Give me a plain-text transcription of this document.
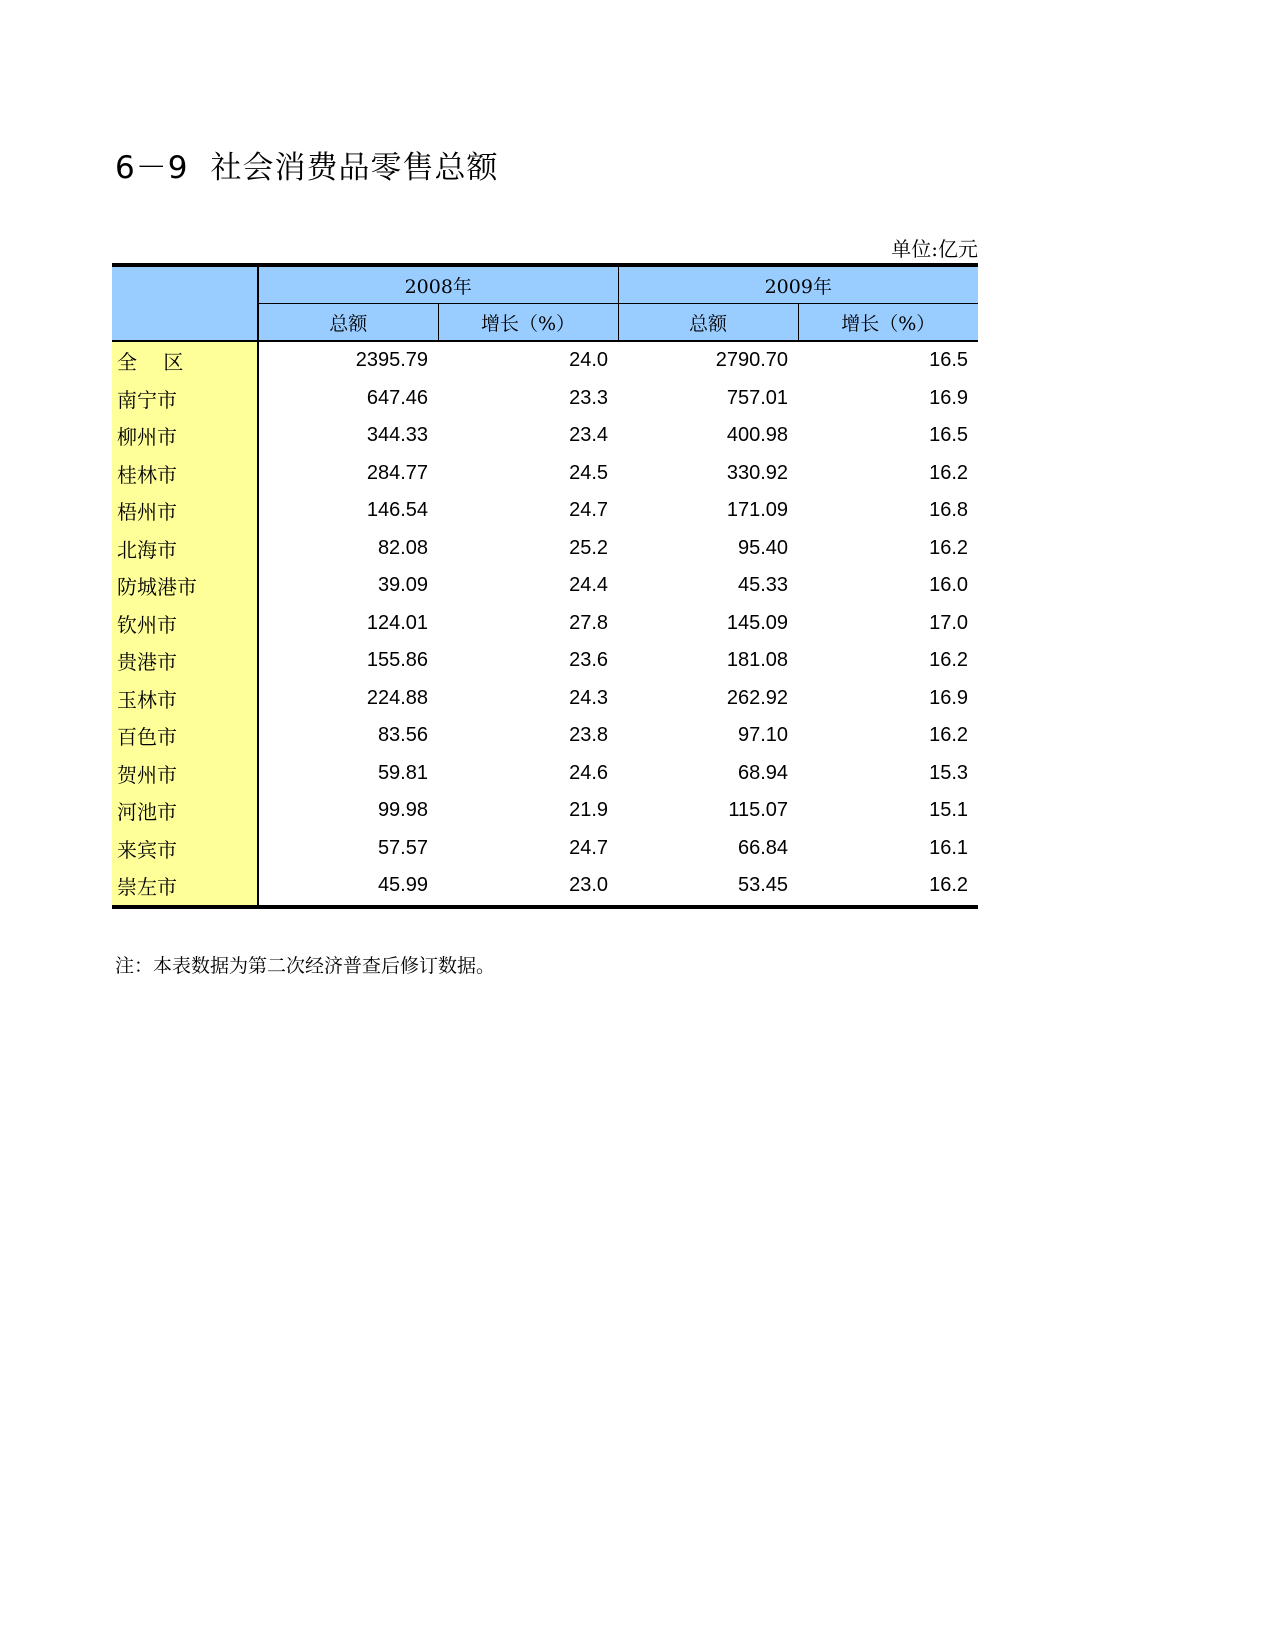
6－9 社会消费品零售总额
单位:亿元
	2008年		2009年	
	总额	增长（%）	总额	增长（%）
全　 区	2395.79	24.0	2790.70	16.5
南宁市	647.46	23.3	757.01	16.9
柳州市	344.33	23.4	400.98	16.5
桂林市	284.77	24.5	330.92	16.2
梧州市	146.54	24.7	171.09	16.8
北海市	82.08	25.2	95.40	16.2
防城港市	39.09	24.4	45.33	16.0
钦州市	124.01	27.8	145.09	17.0
贵港市	155.86	23.6	181.08	16.2
玉林市	224.88	24.3	262.92	16.9
百色市	83.56	23.8	97.10	16.2
贺州市	59.81	24.6	68.94	15.3
河池市	99.98	21.9	115.07	15.1
来宾市	57.57	24.7	66.84	16.1
崇左市	45.99	23.0	53.45	16.2
注：本表数据为第二次经济普查后修订数据。
